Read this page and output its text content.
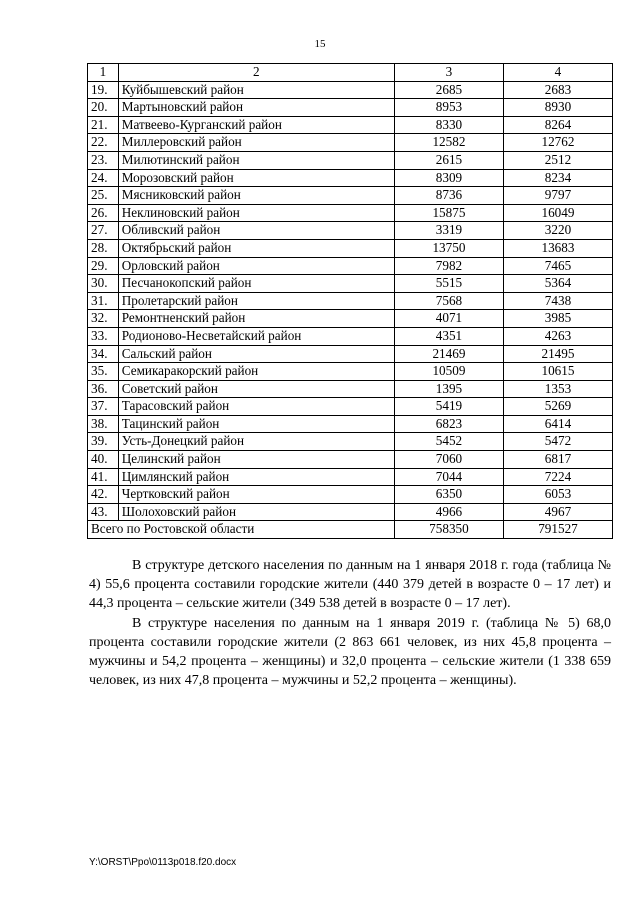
15
1	2	3	4
19.	Куйбышевский район	2685	2683
20.	Мартыновский район	8953	8930
21.	Матвеево-Курганский район	8330	8264
22.	Миллеровский район	12582	12762
23.	Милютинский район	2615	2512
24.	Морозовский район	8309	8234
25.	Мясниковский район	8736	9797
26.	Неклиновский район	15875	16049
27.	Обливский район	3319	3220
28.	Октябрьский район	13750	13683
29.	Орловский район	7982	7465
30.	Песчанокопский район	5515	5364
31.	Пролетарский район	7568	7438
32.	Ремонтненский район	4071	3985
33.	Родионово-Несветайский район	4351	4263
34.	Сальский район	21469	21495
35.	Семикаракорский район	10509	10615
36.	Советский район	1395	1353
37.	Тарасовский район	5419	5269
38.	Тацинский район	6823	6414
39.	Усть-Донецкий район	5452	5472
40.	Целинский район	7060	6817
41.	Цимлянский район	7044	7224
42.	Чертковский район	6350	6053
43.	Шолоховский район	4966	4967
Всего по Ростовской области		758350	791527

В структуре детского населения по данным на 1 января 2018 г. года (таблица № 4) 55,6 процента составили городские жители (440 379 детей в возрасте 0 – 17 лет) и 44,3 процента – сельские жители (349 538 детей в возрасте 0 – 17 лет).

В структуре населения по данным на 1 января 2019 г. (таблица № 5) 68,0 процента составили городские жители (2 863 661 человек, из них 45,8 процента – мужчины и 54,2 процента – женщины) и 32,0 процента – сельские жители (1 338 659 человек, из них 47,8 процента – мужчины и 52,2 процента – женщины).

Y:\ORST\Ppo\0113p018.f20.docx
